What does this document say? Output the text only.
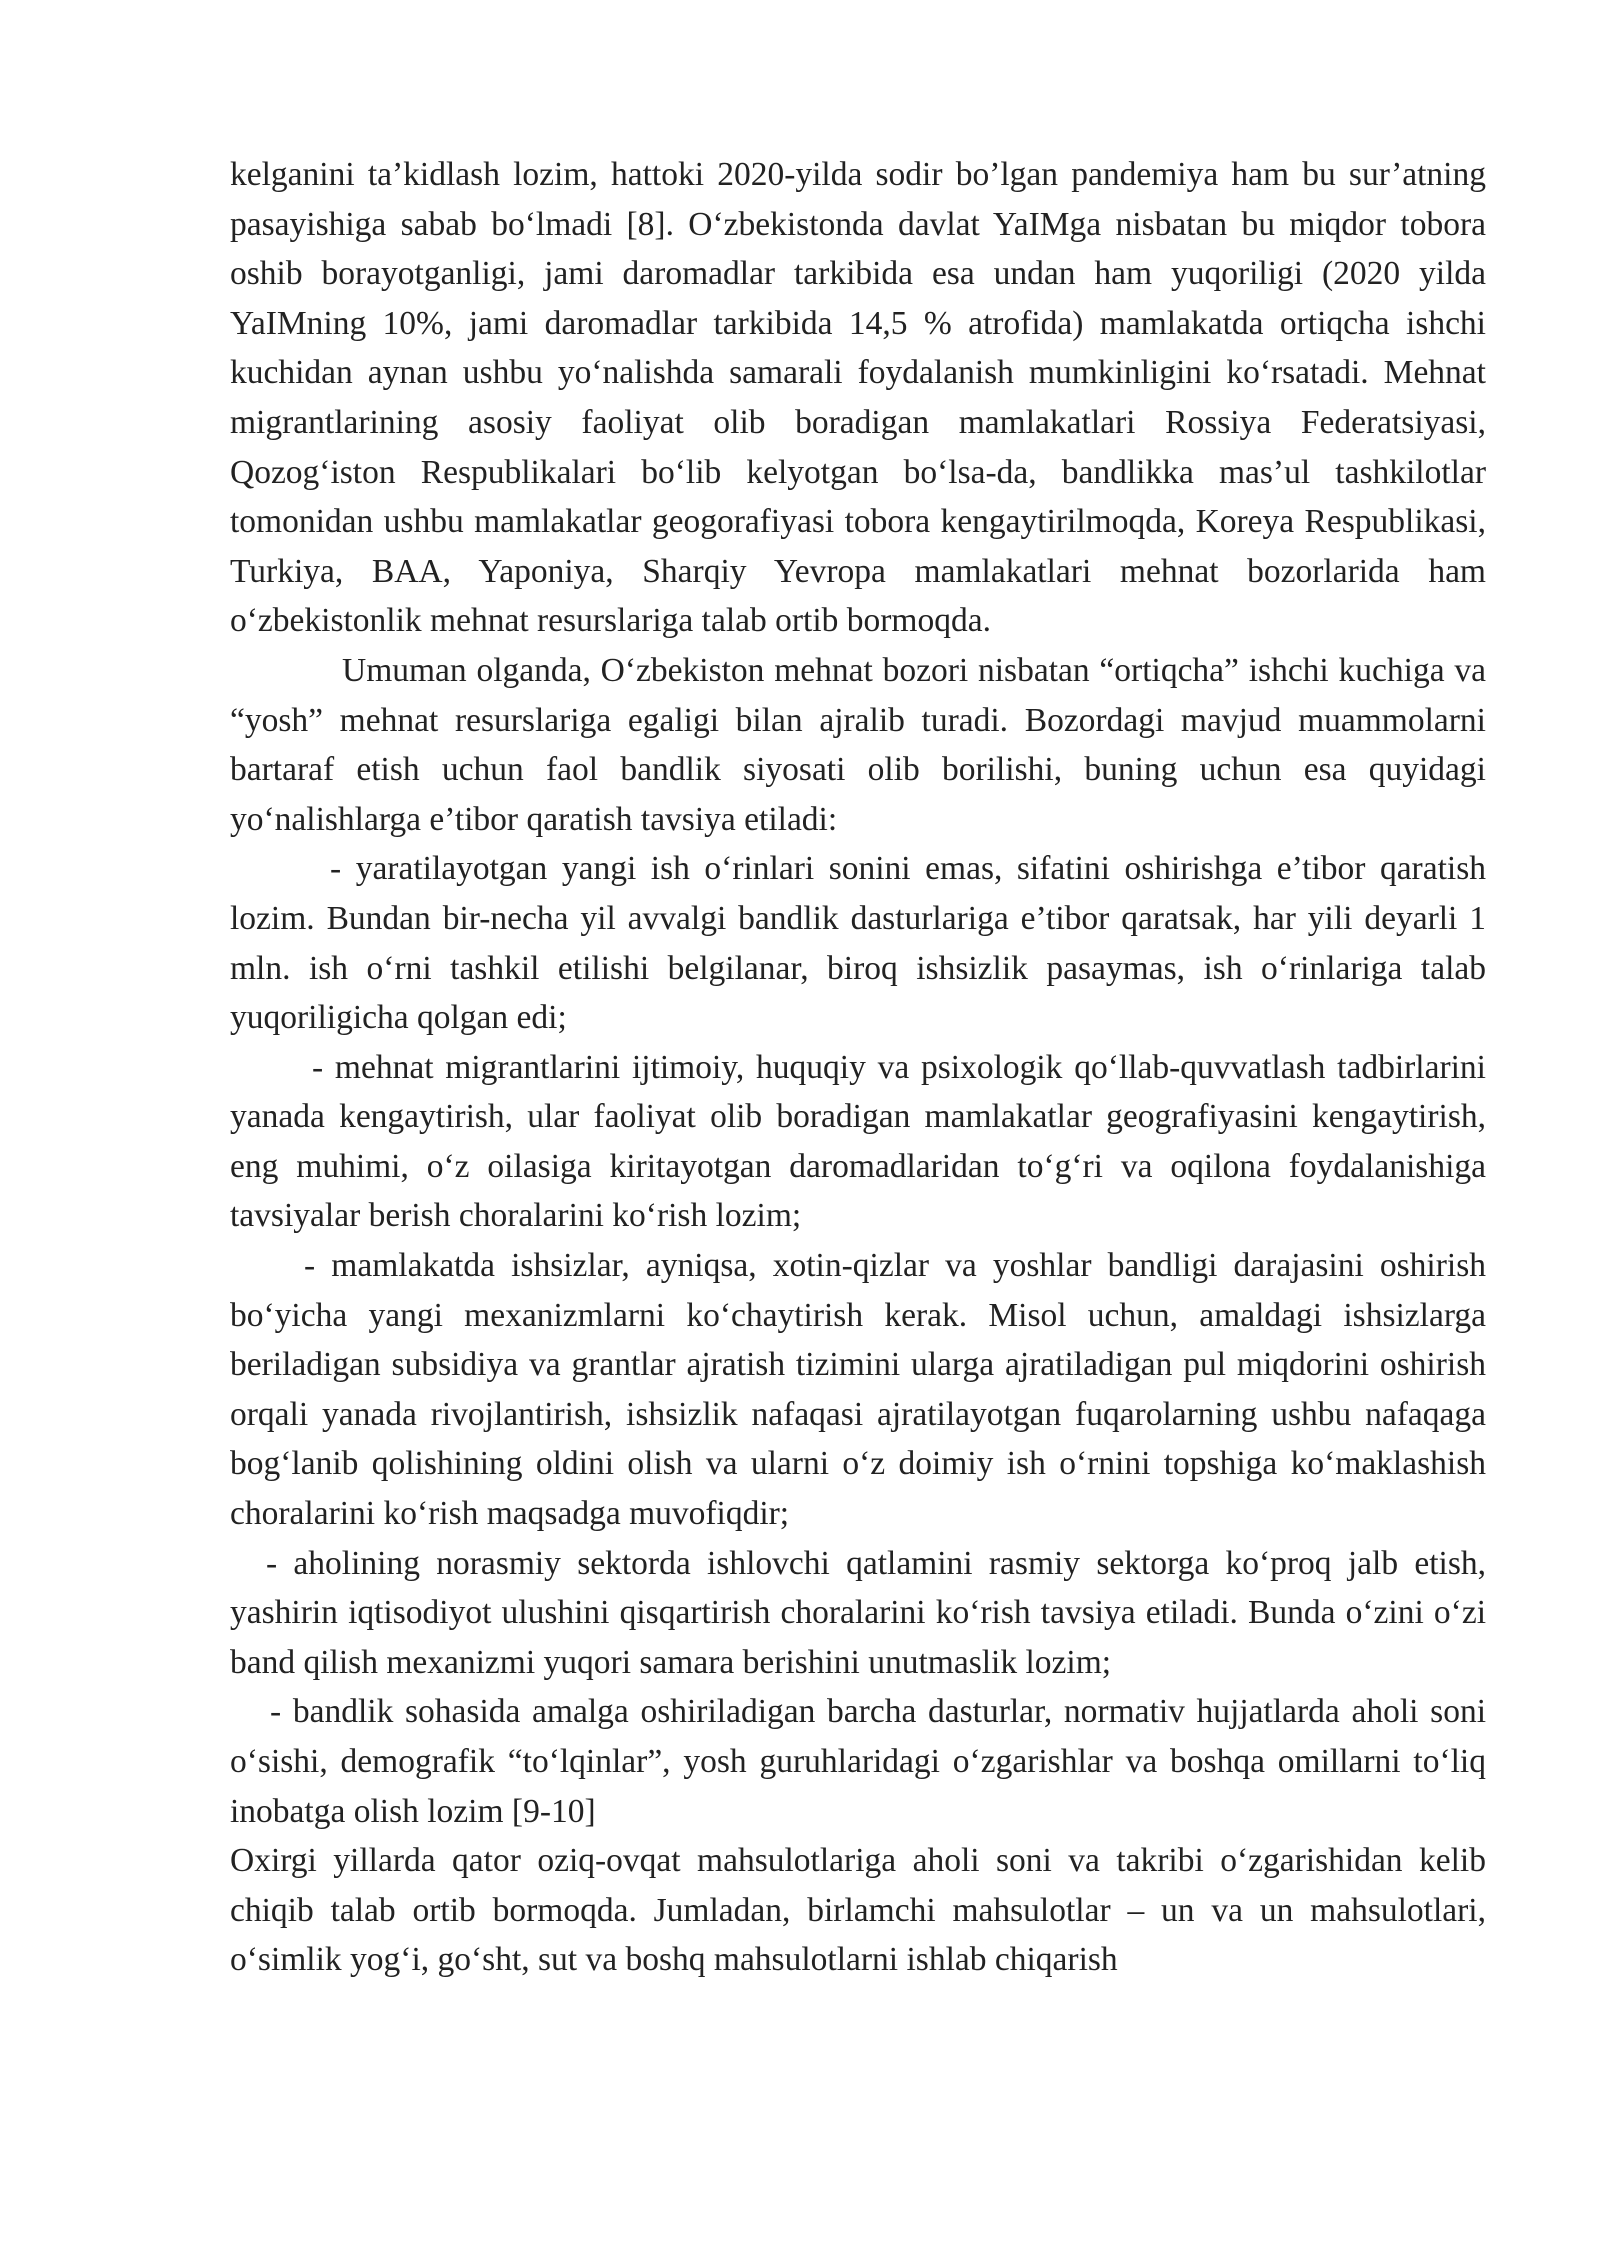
kelganini ta’kidlash lozim, hattoki 2020-yilda sodir bo’lgan pandemiya ham bu sur’atning pasayishiga sabab bo‘lmadi [8]. O‘zbekistonda davlat YaIMga nisbatan bu miqdor tobora oshib borayotganligi, jami daromadlar tarkibida esa undan ham yuqoriligi (2020 yilda YaIMning 10%, jami daromadlar tarkibida 14,5 % atrofida) mamlakatda ortiqcha ishchi kuchidan aynan ushbu yo‘nalishda samarali foydalanish mumkinligini ko‘rsatadi. Mehnat migrantlarining asosiy faoliyat olib boradigan mamlakatlari Rossiya Federatsiyasi, Qozog‘iston Respublikalari bo‘lib kelyotgan bo‘lsa-da, bandlikka mas’ul tashkilotlar tomonidan ushbu mamlakatlar geogorafiyasi tobora kengaytirilmoqda, Koreya Respublikasi, Turkiya, BAA, Yaponiya, Sharqiy Yevropa mamlakatlari mehnat bozorlarida ham o‘zbekistonlik mehnat resurslariga talab ortib bormoqda.

Umuman olganda, O‘zbekiston mehnat bozori nisbatan “ortiqcha” ishchi kuchiga va “yosh” mehnat resurslariga egaligi bilan ajralib turadi. Bozordagi mavjud muammolarni bartaraf etish uchun faol bandlik siyosati olib borilishi, buning uchun esa quyidagi yo‘nalishlarga e’tibor qaratish tavsiya etiladi:

- yaratilayotgan yangi ish o‘rinlari sonini emas, sifatini oshirishga e’tibor qaratish lozim. Bundan bir-necha yil avvalgi bandlik dasturlariga e’tibor qaratsak, har yili deyarli 1 mln. ish o‘rni tashkil etilishi belgilanar, biroq ishsizlik pasaymas, ish o‘rinlariga talab yuqoriligicha qolgan edi;

- mehnat migrantlarini ijtimoiy, huquqiy va psixologik qo‘llab-quvvatlash tadbirlarini yanada kengaytirish, ular faoliyat olib boradigan mamlakatlar geografiyasini kengaytirish, eng muhimi, o‘z oilasiga kiritayotgan daromadlaridan to‘g‘ri va oqilona foydalanishiga tavsiyalar berish choralarini ko‘rish lozim;

- mamlakatda ishsizlar, ayniqsa, xotin-qizlar va yoshlar bandligi darajasini oshirish bo‘yicha yangi mexanizmlarni ko‘chaytirish kerak. Misol uchun, amaldagi ishsizlarga beriladigan subsidiya va grantlar ajratish tizimini ularga ajratiladigan pul miqdorini oshirish orqali yanada rivojlantirish, ishsizlik nafaqasi ajratilayotgan fuqarolarning ushbu nafaqaga bog‘lanib qolishining oldini olish va ularni o‘z doimiy ish o‘rnini topshiga ko‘maklashish choralarini ko‘rish maqsadga muvofiqdir;

- aholining norasmiy sektorda ishlovchi qatlamini rasmiy sektorga ko‘proq jalb etish, yashirin iqtisodiyot ulushini qisqartirish choralarini ko‘rish tavsiya etiladi. Bunda o‘zini o‘zi band qilish mexanizmi yuqori samara berishini unutmaslik lozim;

- bandlik sohasida amalga oshiriladigan barcha dasturlar, normativ hujjatlarda aholi soni o‘sishi, demografik “to‘lqinlar”, yosh guruhlaridagi o‘zgarishlar va boshqa omillarni to‘liq inobatga olish lozim [9-10]

Oxirgi yillarda qator oziq-ovqat mahsulotlariga aholi soni va takribi o‘zgarishidan kelib chiqib talab ortib bormoqda. Jumladan, birlamchi mahsulotlar – un va un mahsulotlari, o‘simlik yog‘i, go‘sht, sut va boshq mahsulotlarni ishlab chiqarish
